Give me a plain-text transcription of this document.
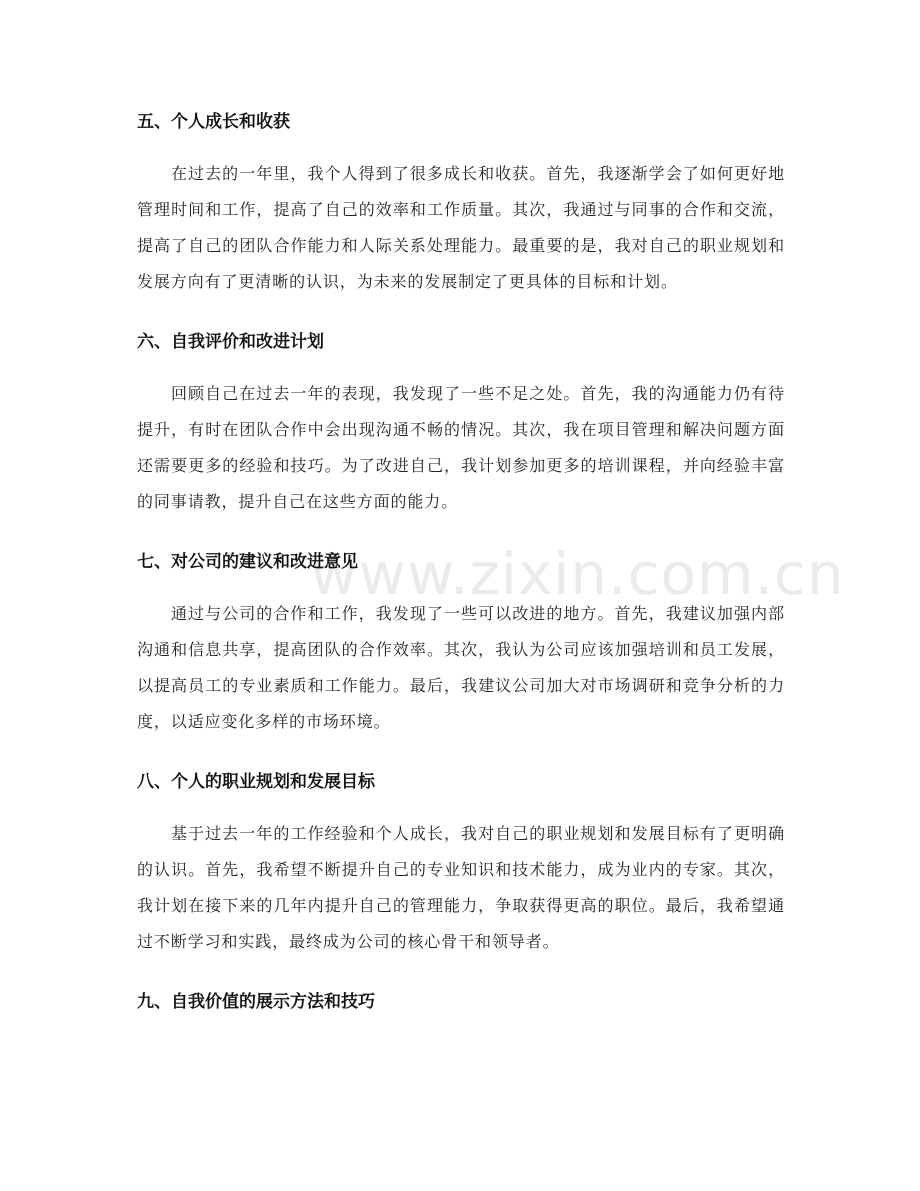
www.zixin.com.cn
五、个人成长和收获

在过去的一年里，我个人得到了很多成长和收获。首先，我逐渐学会了如何更好地管理时间和工作，提高了自己的效率和工作质量。其次，我通过与同事的合作和交流，提高了自己的团队合作能力和人际关系处理能力。最重要的是，我对自己的职业规划和发展方向有了更清晰的认识，为未来的发展制定了更具体的目标和计划。

六、自我评价和改进计划

回顾自己在过去一年的表现，我发现了一些不足之处。首先，我的沟通能力仍有待提升，有时在团队合作中会出现沟通不畅的情况。其次，我在项目管理和解决问题方面还需要更多的经验和技巧。为了改进自己，我计划参加更多的培训课程，并向经验丰富的同事请教，提升自己在这些方面的能力。

七、对公司的建议和改进意见

通过与公司的合作和工作，我发现了一些可以改进的地方。首先，我建议加强内部沟通和信息共享，提高团队的合作效率。其次，我认为公司应该加强培训和员工发展，以提高员工的专业素质和工作能力。最后，我建议公司加大对市场调研和竞争分析的力度，以适应变化多样的市场环境。

八、个人的职业规划和发展目标

基于过去一年的工作经验和个人成长，我对自己的职业规划和发展目标有了更明确的认识。首先，我希望不断提升自己的专业知识和技术能力，成为业内的专家。其次，我计划在接下来的几年内提升自己的管理能力，争取获得更高的职位。最后，我希望通过不断学习和实践，最终成为公司的核心骨干和领导者。

九、自我价值的展示方法和技巧
